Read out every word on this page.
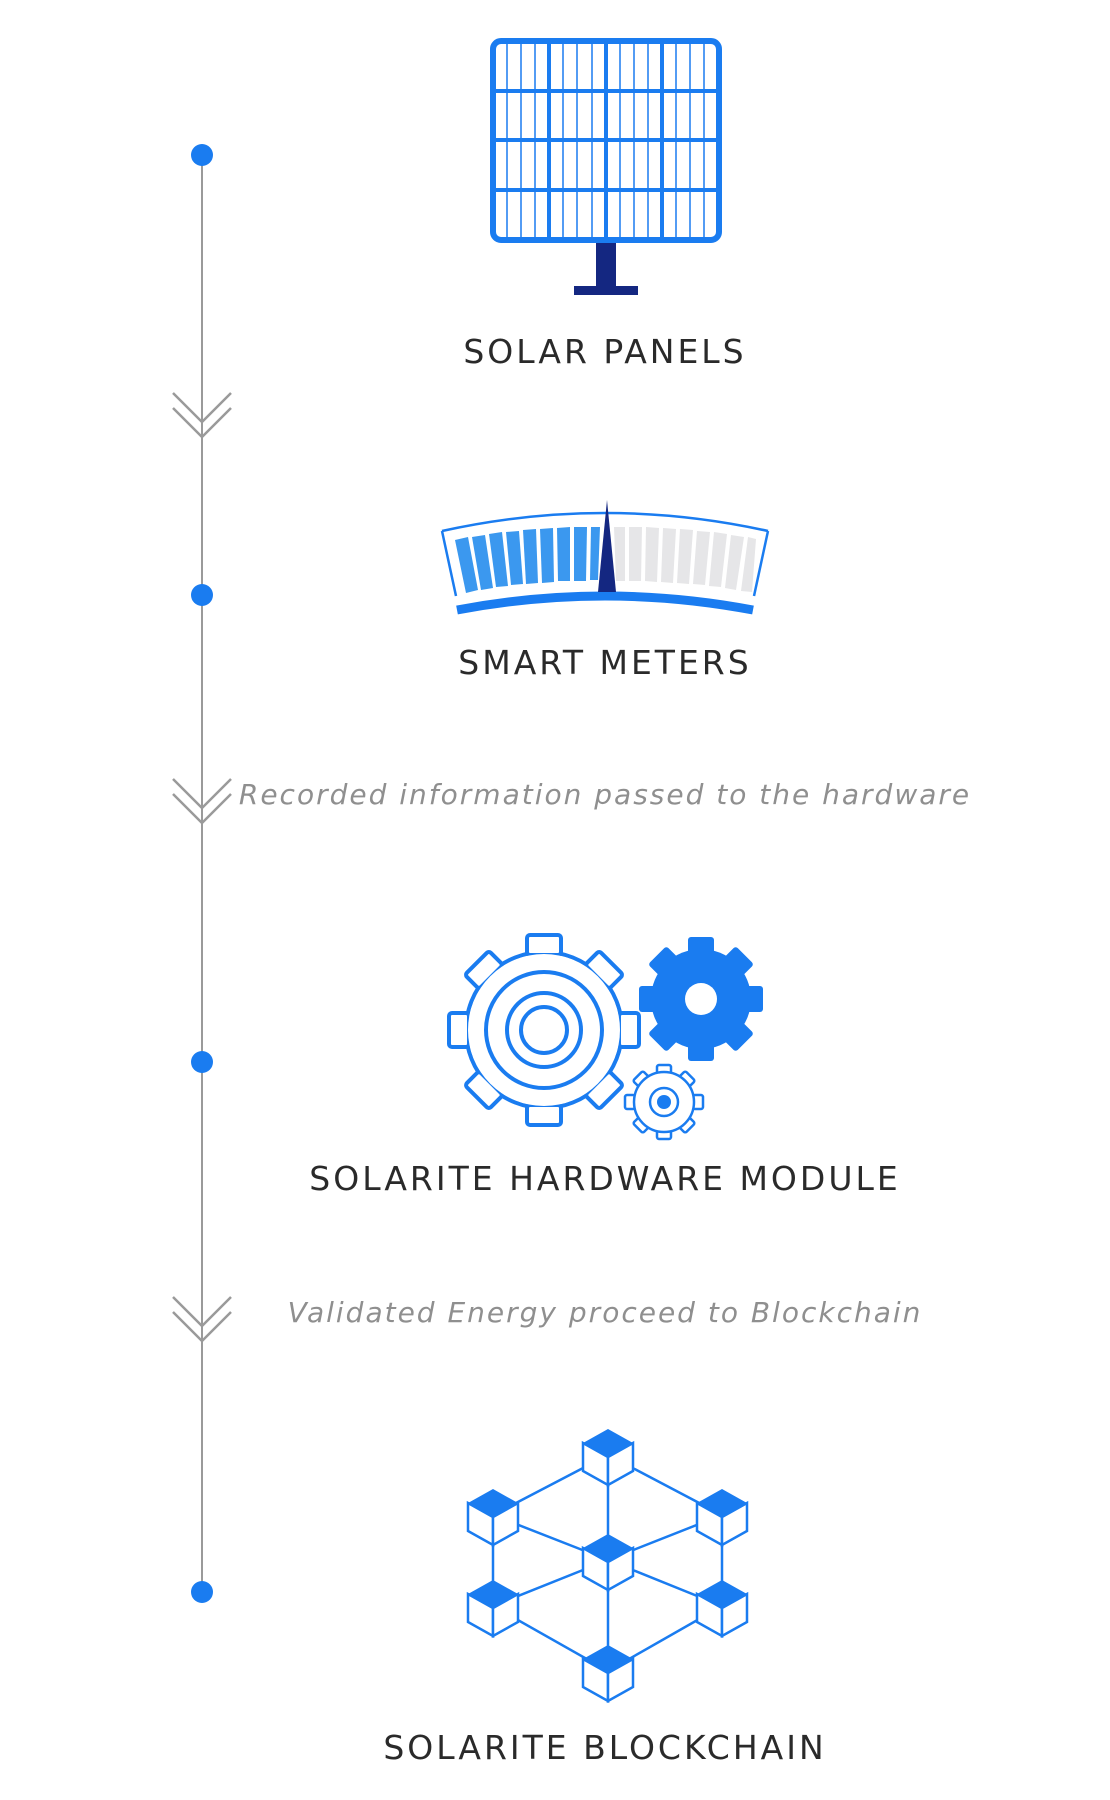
SOLAR PANELS
SMART METERS
SOLARITE HARDWARE MODULE
SOLARITE BLOCKCHAIN
Recorded information passed to the hardware
Validated Energy proceed to Blockchain
